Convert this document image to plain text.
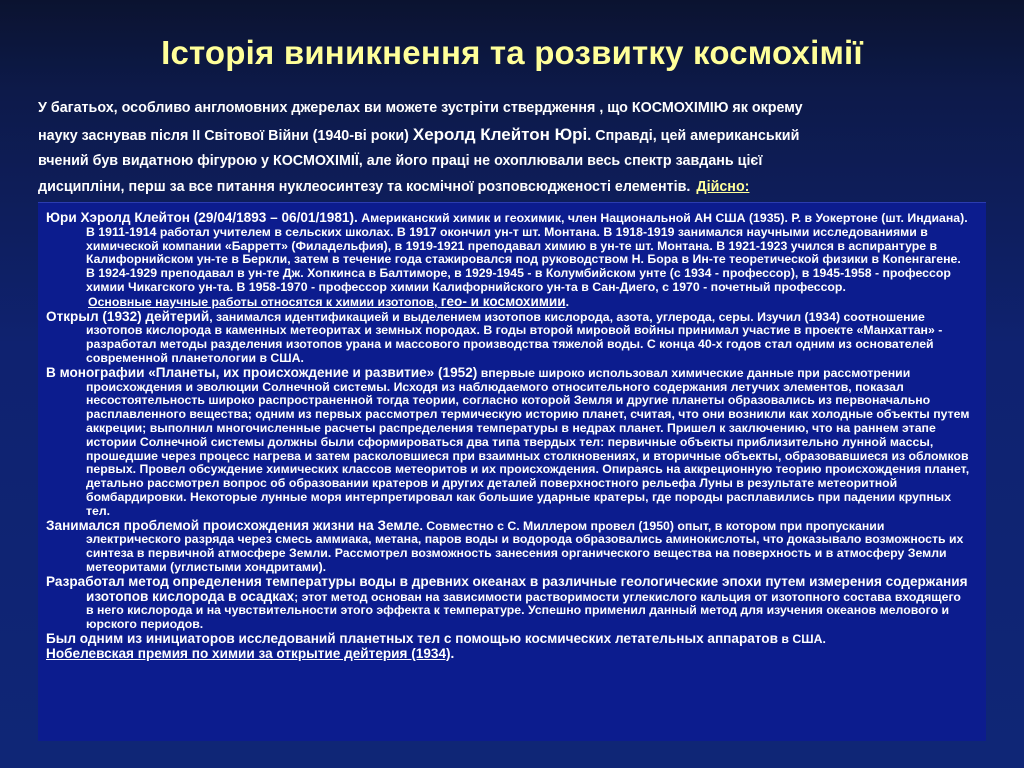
Історія виникнення та розвитку космохімії
У багатьох, особливо англомовних джерелах ви можете зустріти ствердження , що КОСМОХІМІЮ як окрему
науку заснував після ІІ Світової Війни (1940-ві роки) Херолд Клейтон Юрі. Справді, цей американський
вчений був видатною фігурою у КОСМОХІМІЇ, але його праці не охоплювали весь спектр завдань цієї
дисципліни, перш за все питання нуклеосинтезу та космічної розповсюдженості елементів. Дійсно:

Юри Хэролд Клейтон (29/04/1893 – 06/01/1981). Американский химик и геохимик, член Национальной АН США (1935). Р. в Уокертоне (шт. Индиана). В 1911-1914 работал учителем в сельских школах. В 1917 окончил ун-т шт. Монтана. В 1918-1919 занимался научными исследованиями в химической компании «Барретт» (Филадельфия), в 1919-1921 преподавал химию в ун-те шт. Монтана. В 1921-1923 учился в аспирантуре в Калифорнийском ун-те в Беркли, затем в течение года стажировался под руководством Н. Бора в Ин-те теоретической физики в Копенгагене. В 1924-1929 преподавал в ун-те Дж. Хопкинса в Балтиморе, в 1929-1945 - в Колумбийском унте (с 1934 - профессор), в 1945-1958 - профессор химии Чикагского ун-та. В 1958-1970 - профессор химии Калифорнийского ун-та в Сан-Диего, с 1970 - почетный профессор.

Основные научные работы относятся к химии изотопов, гео- и космохимии.

Открыл (1932) дейтерий, занимался идентификацией и выделением изотопов кислорода, азота, углерода, серы. Изучил (1934) соотношение изотопов кислорода в каменных метеоритах и земных породах. В годы второй мировой войны принимал участие в проекте «Манхаттан» - разработал методы разделения изотопов урана и массового производства тяжелой воды. С конца 40-х годов стал одним из основателей современной планетологии в США.

В монографии «Планеты, их происхождение и развитие» (1952) впервые широко использовал химические данные при рассмотрении происхождения и эволюции Солнечной системы. Исходя из наблюдаемого относительного содержания летучих элементов, показал несостоятельность широко распространенной тогда теории, согласно которой Земля и другие планеты образовались из первоначально расплавленного вещества; одним из первых рассмотрел термическую историю планет, считая, что они возникли как холодные объекты путем аккреции; выполнил многочисленные расчеты распределения температуры в недрах планет. Пришел к заключению, что на раннем этапе истории Солнечной системы должны были сформироваться два типа твердых тел: первичные объекты приблизительно лунной массы, прошедшие через процесс нагрева и затем расколовшиеся при взаимных столкновениях, и вторичные объекты, образовавшиеся из обломков первых. Провел обсуждение химических классов метеоритов и их происхождения. Опираясь на аккреционную теорию происхождения планет, детально рассмотрел вопрос об образовании кратеров и других деталей поверхностного рельефа Луны в результате метеоритной бомбардировки. Некоторые лунные моря интерпретировал как большие ударные кратеры, где породы расплавились при падении крупных тел.

Занимался проблемой происхождения жизни на Земле. Совместно с С. Миллером провел (1950) опыт, в котором при пропускании электрического разряда через смесь аммиака, метана, паров воды и водорода образовались аминокислоты, что доказывало возможность их синтеза в первичной атмосфере Земли. Рассмотрел возможность занесения органического вещества на поверхность и в атмосферу Земли метеоритами (углистыми хондритами).

Разработал метод определения температуры воды в древних океанах в различные геологические эпохи путем измерения содержания изотопов кислорода в осадках; этот метод основан на зависимости растворимости углекислого кальция от изотопного состава входящего в него кислорода и на чувствительности этого эффекта к температуре. Успешно применил данный метод для изучения океанов мелового и юрского периодов.

Был одним из инициаторов исследований планетных тел с помощью космических летательных аппаратов в США.

Нобелевская премия по химии за открытие дейтерия (1934).
